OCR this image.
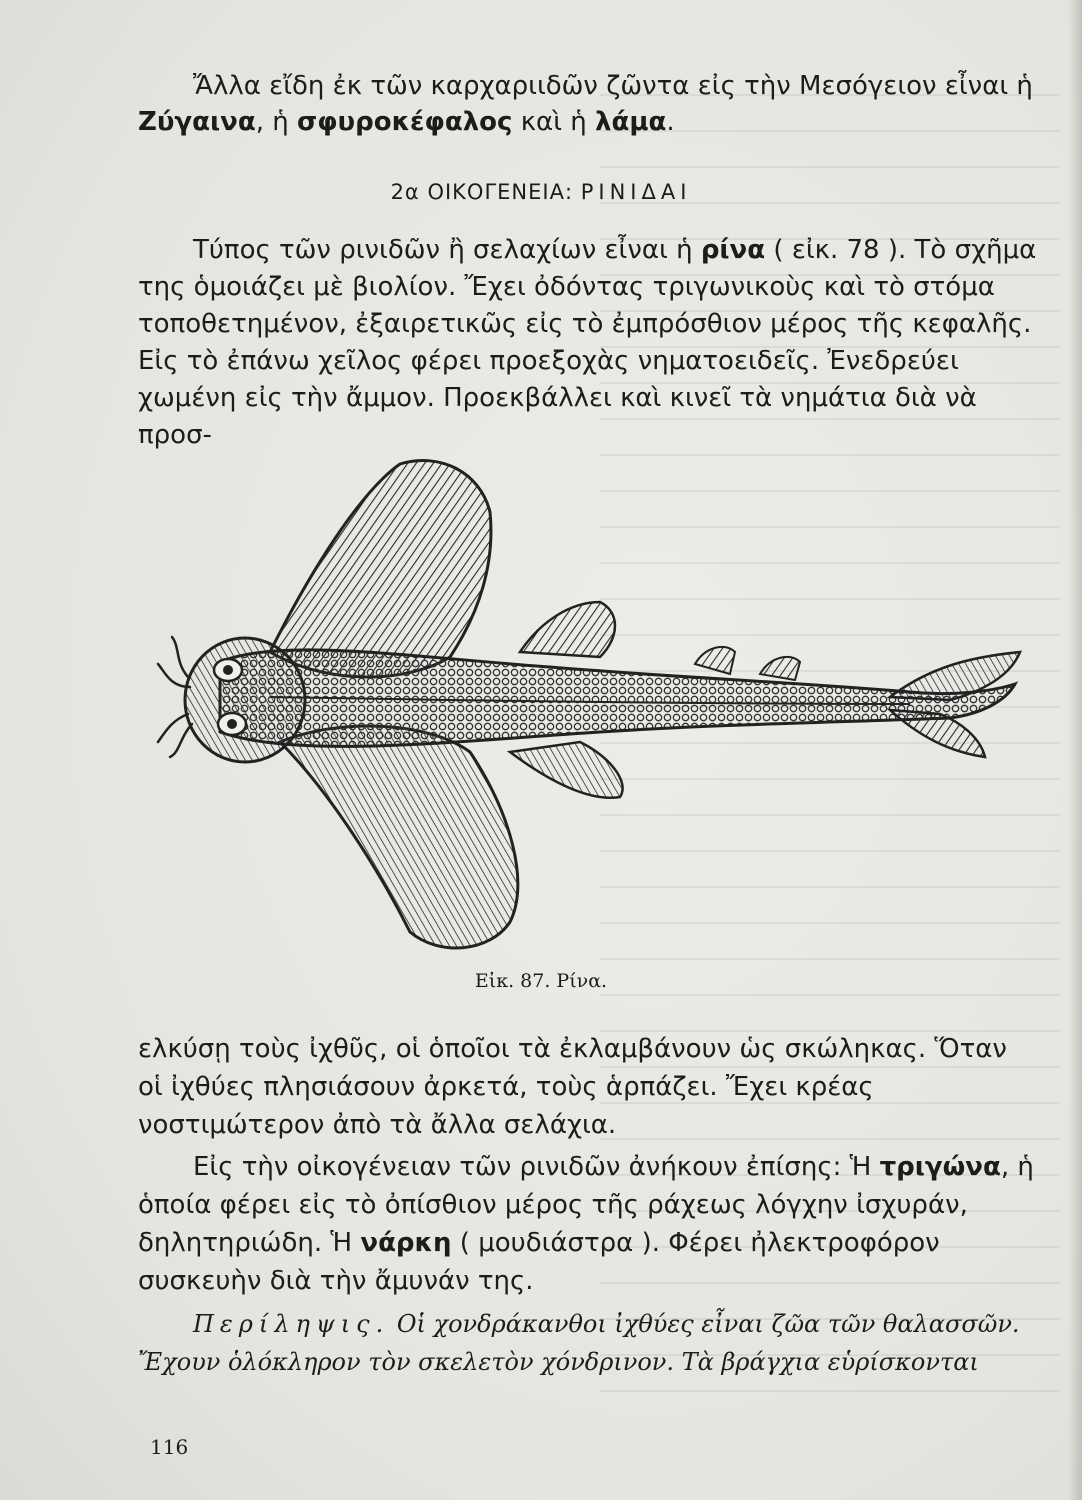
Ἄλλα εἴδη ἐκ τῶν καρχαριιδῶν ζῶντα εἰς τὴν Μεσόγειον εἶναι ἡ Ζύγαινα, ἡ σφυροκέφαλος καὶ ἡ λάμα.

2α ΟΙΚΟΓΕΝΕΙΑ: ΡΙΝΙΔΑΙ

Τύπος τῶν ρινιδῶν ἢ σελαχίων εἶναι ἡ ρίνα ( εἰκ. 78 ). Τὸ σχῆμα της ὁμοιάζει μὲ βιολίον. Ἔχει ὀδόντας τριγωνικοὺς καὶ τὸ στόμα τοποθετημένον, ἐξαιρετικῶς εἰς τὸ ἐμπρόσθιον μέρος τῆς κεφαλῆς. Εἰς τὸ ἐπάνω χεῖλος φέρει προεξοχὰς νηματοειδεῖς. Ἐνεδρεύει χωμένη εἰς τὴν ἄμμον. Προεκβάλλει καὶ κινεῖ τὰ νημάτια διὰ νὰ προσ-

Εἰκ. 87. Ρίνα.

ελκύσῃ τοὺς ἰχθῦς, οἱ ὁποῖοι τὰ ἐκλαμβάνουν ὡς σκώληκας. Ὅταν οἱ ἰχθύες πλησιάσουν ἀρκετά, τοὺς ἁρπάζει. Ἔχει κρέας νοστιμώτερον ἀπὸ τὰ ἄλλα σελάχια.

Εἰς τὴν οἰκογένειαν τῶν ρινιδῶν ἀνήκουν ἐπίσης: Ἡ τριγώνα, ἡ ὁποία φέρει εἰς τὸ ὀπίσθιον μέρος τῆς ράχεως λόγχην ἰσχυράν, δηλητηριώδη. Ἡ νάρκη ( μουδιάστρα ). Φέρει ἠλεκτροφόρον συσκευὴν διὰ τὴν ἄμυνάν της.

Περίληψις. Οἱ χονδράκανθοι ἰχθύες εἶναι ζῶα τῶν θαλασσῶν. Ἔχουν ὁλόκληρον τὸν σκελετὸν χόνδρινον. Τὰ βράγχια εὑρίσκονται

116
